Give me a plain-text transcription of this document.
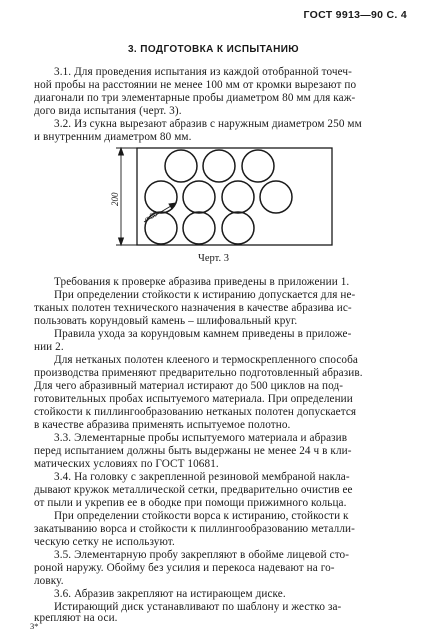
ГОСТ 9913—90 С. 4
3. ПОДГОТОВКА К ИСПЫТАНИЮ
3.1. Для проведения испытания из каждой отобранной точеч-
ной пробы на расстоянии не менее 100 мм от кромки вырезают по
диагонали по три элементарные пробы диаметром 80 мм для каж-
дого вида испытания (черт. 3).
3.2. Из сукна вырезают абразив с наружным диаметром 250 мм
и внутренним диаметром 80 мм.
200
ø 80
Черт. 3
Требования к проверке абразива приведены в приложении 1.
При определении стойкости к истиранию допускается для не-
тканых полотен технического назначения в качестве абразива ис-
пользовать корундовый камень – шлифовальный круг.
Правила ухода за корундовым камнем приведены в приложе-
нии 2.
Для нетканых полотен клееного и термоскрепленного способа
производства применяют предварительно подготовленный абразив.
Для чего абразивный материал истирают до 500 циклов на под-
готовительных пробах испытуемого материала. При определении
стойкости к пиллингообразованию нетканых полотен допускается
в качестве абразива применять испытуемое полотно.
3.3. Элементарные пробы испытуемого материала и абразив
перед испытанием должны быть выдержаны не менее 24 ч в кли-
матических условиях по ГОСТ 10681.
3.4. На головку с закрепленной резиновой мембраной накла-
дывают кружок металлической сетки, предварительно очистив ее
от пыли и укрепив ее в ободке при помощи прижимного кольца.
При определении стойкости ворса к истиранию, стойкости к
закатыванию ворса и стойкости к пиллингообразованию металли-
ческую сетку не используют.
3.5. Элементарную пробу закрепляют в обойме лицевой сто-
роной наружу. Обойму без усилия и перекоса надевают на го-
ловку.
3.6. Абразив закрепляют на истирающем диске.
Истирающий диск устанавливают по шаблону и жестко за-
крепляют на оси.
3*
